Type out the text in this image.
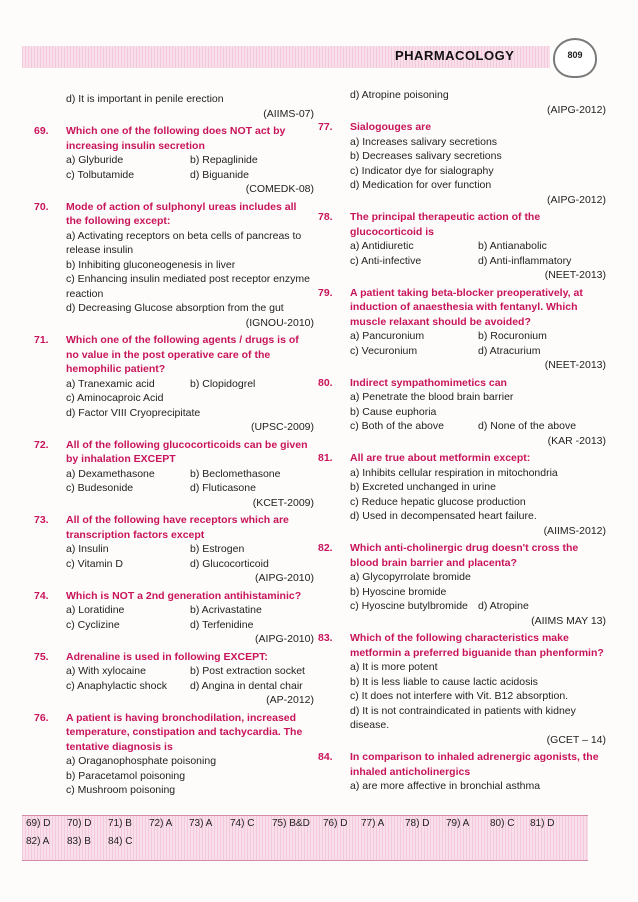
PHARMACOLOGY	809
d) It is important in penile erection
(AIIMS-07)
69.	Which one of the following does NOT act by increasing insulin secretion
a) Glyburide	b) Repaglinide
c) Tolbutamide	d) Biguanide
(COMEDK-08)
70.	Mode of action of sulphonyl ureas includes all the following except:
a) Activating receptors on beta cells of pancreas to release insulin
b) Inhibiting gluconeogenesis in liver
c) Enhancing insulin mediated post receptor enzyme reaction
d) Decreasing Glucose absorption from the gut
(IGNOU-2010)
71.	Which one of the following agents / drugs is of no value in the post operative care of the hemophilic patient?
a) Tranexamic acid	b) Clopidogrel
c) Aminocaproic Acid
d) Factor VIII Cryoprecipitate
(UPSC-2009)
72.	All of the following glucocorticoids can be given by inhalation EXCEPT
a) Dexamethasone	b) Beclomethasone
c) Budesonide	d) Fluticasone
(KCET-2009)
73.	All of the following have receptors which are transcription factors except
a) Insulin	b) Estrogen
c) Vitamin D	d) Glucocorticoid
(AIPG-2010)
74.	Which is NOT a 2nd generation antihistaminic?
a) Loratidine	b) Acrivastatine
c) Cyclizine	d) Terfenidine
(AIPG-2010)
75.	Adrenaline is used in following EXCEPT:
a) With xylocaine	b) Post extraction socket
c) Anaphylactic shock	d) Angina in dental chair
(AP-2012)
76.	A patient is having bronchodilation, increased temperature, constipation and tachycardia. The tentative diagnosis is
a) Oraganophosphate poisoning
b) Paracetamol poisoning
c) Mushroom poisoning
d) Atropine poisoning
(AIPG-2012)
77.	Sialogouges are
a) Increases salivary secretions
b) Decreases salivary secretions
c) Indicator dye for sialography
d) Medication for over function
(AIPG-2012)
78.	The principal therapeutic action of the glucocorticoid is
a) Antidiuretic	b) Antianabolic
c) Anti-infective	d) Anti-inflammatory
(NEET-2013)
79.	A patient taking beta-blocker preoperatively, at induction of anaesthesia with fentanyl. Which muscle relaxant should be avoided?
a) Pancuronium	b) Rocuronium
c) Vecuronium	d) Atracurium
(NEET-2013)
80.	Indirect sympathomimetics can
a) Penetrate the blood brain barrier
b) Cause euphoria
c) Both of the above	d) None of the above
(KAR -2013)
81.	All are true about metformin except:
a) Inhibits cellular respiration in mitochondria
b) Excreted unchanged in urine
c) Reduce hepatic glucose production
d) Used in decompensated heart failure.
(AIIMS-2012)
82.	Which anti-cholinergic drug doesn't cross the blood brain barrier and placenta?
a) Glycopyrrolate bromide
b) Hyoscine bromide
c) Hyoscine butylbromide d) Atropine
(AIIMS MAY 13)
83.	Which of the following characteristics make metformin a preferred biguanide than phenformin?
a) It is more potent
b) It is less liable to cause lactic acidosis
c) It does not interfere with Vit. B12 absorption.
d) It is not contraindicated in patients with kidney disease.
(GCET – 14)
84.	In comparison to inhaled adrenergic agonists, the inhaled anticholinergics
a) are more affective in bronchial asthma
69) D	70) D	71) B	72) A	73) A	74) C	75) B&D	76) D	77) A	78) D	79) A	80) C	81) D
82) A	83) B	84) C
